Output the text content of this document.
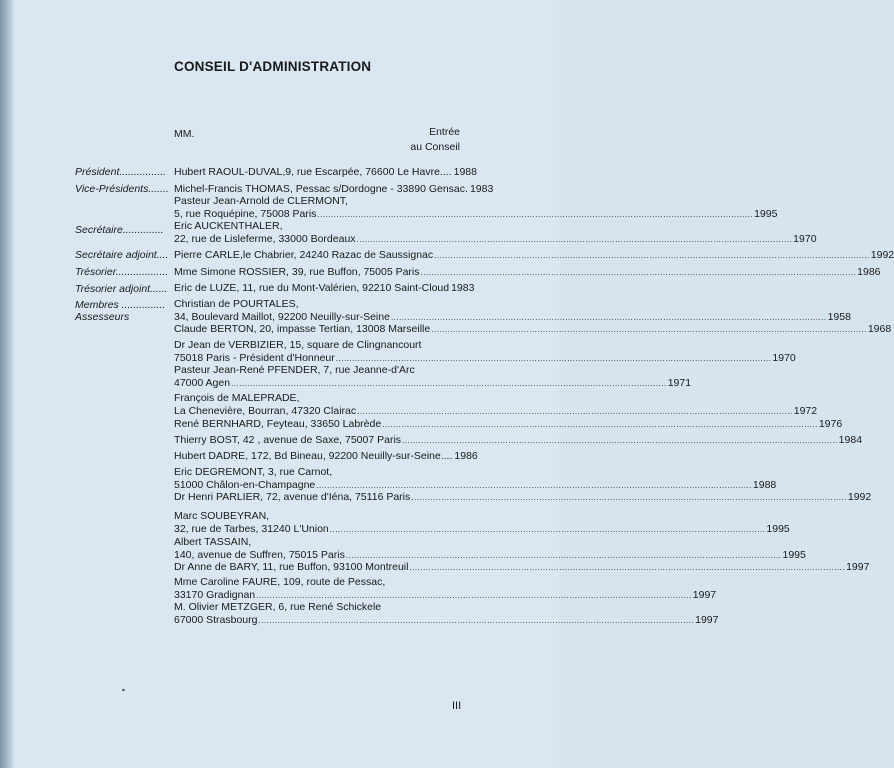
CONSEIL D'ADMINISTRATION
MM.	Entrée
au Conseil
Président................
Vice-Présidents.......
Secrétaire..............
Secrétaire adjoint....
Trésorier..................
Trésorier adjoint......
Membres ...............
Assesseurs
Hubert RAOUL-DUVAL,9, rue Escarpée, 76600 Le Havre.... 1988
Michel-Francis THOMAS, Pessac s/Dordogne - 33890 Gensac. 1983
Pasteur Jean-Arnold de CLERMONT,
5, rue Roquépine, 75008 Paris ................................................................................................................................................................ 1995
Eric AUCKENTHALER,
22, rue de Lisleferme, 33000 Bordeaux ................................................................................................................................................................ 1970
Pierre CARLE,le Chabrier, 24240 Razac de Saussignac ................................................................................................................................................................ 1992
Mme Simone ROSSIER, 39, rue Buffon, 75005 Paris ................................................................................................................................................................ 1986
Eric de LUZE, 11, rue du Mont-Valérien, 92210 Saint-Cloud 1983
Christian de POURTALES,
34, Boulevard Maillot, 92200 Neuilly-sur-Seine ................................................................................................................................................................ 1958
Claude BERTON, 20, impasse Tertian, 13008 Marseille ................................................................................................................................................................ 1968
Dr Jean de VERBIZIER, 15, square de Clingnancourt
75018 Paris - Président d'Honneur ................................................................................................................................................................ 1970
Pasteur Jean-René PFENDER, 7, rue Jeanne-d'Arc
47000 Agen ................................................................................................................................................................ 1971
François de MALEPRADE,
La Chenevière, Bourran, 47320 Clairac ................................................................................................................................................................ 1972
René BERNHARD, Feyteau, 33650 Labrède ................................................................................................................................................................ 1976
Thierry BOST, 42 , avenue de Saxe, 75007 Paris ................................................................................................................................................................ 1984
Hubert DADRE, 172, Bd Bineau, 92200 Neuilly-sur-Seine.... 1986
Eric DEGREMONT, 3, rue Carnot,
51000 Châlon-en-Champagne ................................................................................................................................................................ 1988
Dr Henri PARLIER, 72, avenue d'Iéna, 75116 Paris ................................................................................................................................................................ 1992
Marc SOUBEYRAN,
32, rue de Tarbes, 31240 L'Union ................................................................................................................................................................ 1995
Albert TASSAIN,
140, avenue de Suffren, 75015 Paris ................................................................................................................................................................ 1995
Dr Anne de BARY, 11, rue Buffon, 93100 Montreuil ................................................................................................................................................................ 1997
Mme Caroline FAURE, 109, route de Pessac,
33170 Gradignan ................................................................................................................................................................ 1997
M. Olivier METZGER, 6, rue René Schickele
67000 Strasbourg ................................................................................................................................................................ 1997
III
